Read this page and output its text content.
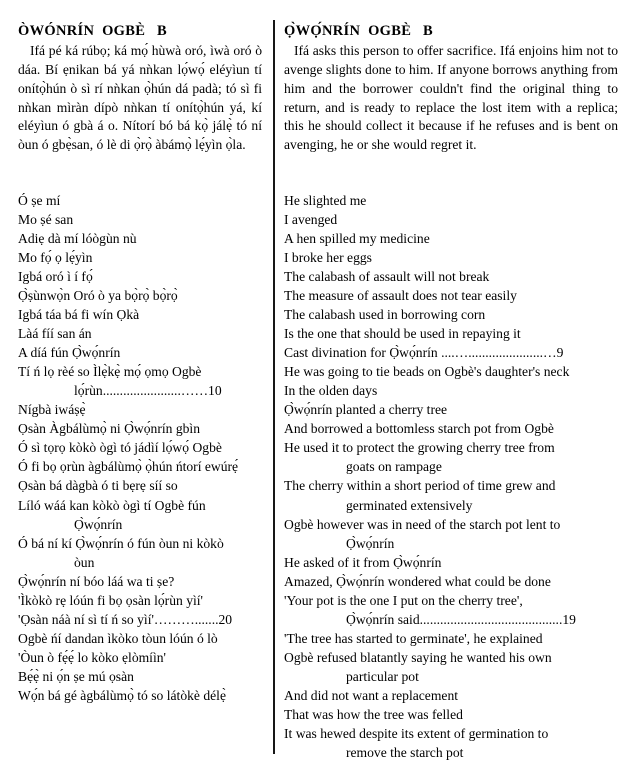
ÒWÓNRÍN  OGBÈ   B

Ifá pé ká rúbọ; ká mọ́ hùwà oró, ìwà oró ò dáa. Bí ẹnikan bá yá nǹkan lọ́wọ́ eléyìun tí onítọ̀hún ò sì rí nǹkan ọ̀hún dá padà; tó sì fi nǹkan mìràn dípò nǹkan tí onítọ̀hún yá, kí eléyìun ó gbà á o. Nítorí bó bá kọ̀ jálẹ̀ tó ní òun ó gbẹ̀san, ó lè di ọ̀rọ̀ àbámọ̀ lẹ́yìn ọ̀la.

Ó ṣe mí
Mo ṣé san
Adiẹ dà mí lóògùn nù
Mo fọ́ ọ lẹ́yìn
Igbá oró ì í fọ́
Ọ̀ṣùnwọ̀n Oró ò ya bọ̀rọ̀ bọ̀rọ̀
Igbá táa bá fi wín Ọkà
Làá fíí san án
A díá fún Ọ̀wọ́nrín
Tí ń lọ rèé so Ìlẹ̀kẹ̀ mọ́ ọmọ Ogbè
lọ́rùn.......................……10
Nígbà iwáṣẹ̀
Ọsàn Àgbálùmọ̀ ni Ọ̀wọ́nrín gbìn
Ó sì tọrọ kòkò ògì tó jádìí lọ́wọ́ Ogbè
Ó fi bọ ọrùn àgbálùmọ̀ ọ̀hún ńtorí ewúrẹ́
Ọsàn bá dàgbà ó ti bẹrẹ síí so
Líló wáá kan kòkò ògì tí Ogbè fún
Ọ̀wọ́nrín
Ó bá ní kí Ọ̀wọ́nrín ó fún òun ni kòkò
òun
Ọ̀wọ́nrín ní bóo láá wa ti ṣe?
'Ìkòkò rẹ lóún fi bọ ọsàn lọ́rùn yìí'
'Ọsàn náà ní sì tí ń so yìí'……….......20
Ogbè ńí dandan ìkòko tòun lóún ó lò
'Òun ò fẹ́ẹ́ lo kòko ẹlòmíìn'
Bẹ́ẹ̀ ni ọ́n ṣe mú ọsàn
Wọ́n bá gé àgbálùmọ̀ tó so látòkè délẹ̀
Ọ̀WỌ́NRÍN  OGBÈ   B

Ifá asks this person to offer sacrifice. Ifá enjoins him not to avenge slights done to him. If anyone borrows anything from him and the borrower couldn't find the original thing to return, and is ready to replace the lost item with a replica; this he should collect it because if he refuses and is bent on avenging, he or she would regret it.

He slighted me
I avenged
A hen spilled my medicine
I broke her eggs
The calabash of assault will not break
The measure of assault does not tear easily
The calabash used in borrowing corn
Is the one that should be used in repaying it
Cast divination for Ọ̀wọ́nrín ....…......................…9
He was going to tie beads on Ogbè's daughter's neck
In the olden days
Ọ̀wọ́nrín planted a cherry tree
And borrowed a bottomless starch pot from Ogbè
He used it to protect the growing cherry tree from
goats on rampage
The cherry within a short period of time grew and
germinated extensively
Ogbè however was in need of the starch pot lent to
Ọ̀wọ́nrín
He asked of it from Ọ̀wọ́nrín
Amazed, Ọ̀wọ́nrín wondered what could be done
'Your pot is the one I put on the cherry tree',
Ọ̀wọ́nrín said..........................................19
'The tree has started to germinate', he explained
Ogbè refused blatantly saying he wanted his own
particular pot
And did not want a replacement
That was how the tree was felled
It was hewed despite its extent of germination to
remove the starch pot
